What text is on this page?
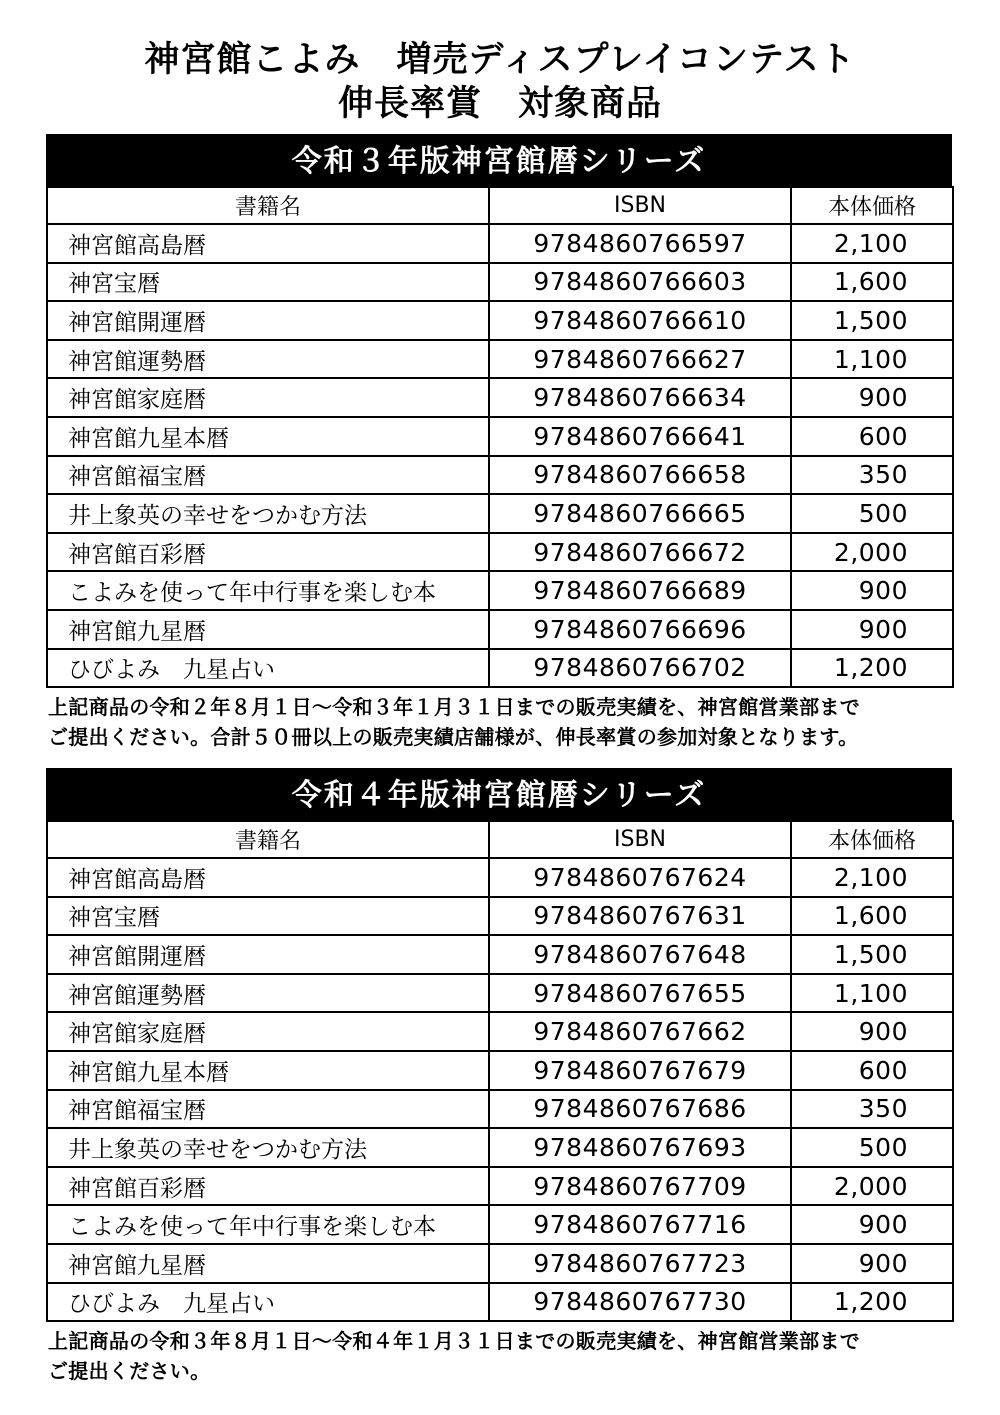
神宮館こよみ　増売ディスプレイコンテスト
伸長率賞　対象商品
令和３年版神宮館暦シリーズ
書籍名	ISBN	本体価格
神宮館高島暦	9784860766597	2,100
神宮宝暦	9784860766603	1,600
神宮館開運暦	9784860766610	1,500
神宮館運勢暦	9784860766627	1,100
神宮館家庭暦	9784860766634	900
神宮館九星本暦	9784860766641	600
神宮館福宝暦	9784860766658	350
井上象英の幸せをつかむ方法	9784860766665	500
神宮館百彩暦	9784860766672	2,000
こよみを使って年中行事を楽しむ本	9784860766689	900
神宮館九星暦	9784860766696	900
ひびよみ　九星占い	9784860766702	1,200
上記商品の令和２年８月１日～令和３年１月３１日までの販売実績を、神宮館営業部まで
ご提出ください。合計５０冊以上の販売実績店舗様が、伸長率賞の参加対象となります。
令和４年版神宮館暦シリーズ
書籍名	ISBN	本体価格
神宮館高島暦	9784860767624	2,100
神宮宝暦	9784860767631	1,600
神宮館開運暦	9784860767648	1,500
神宮館運勢暦	9784860767655	1,100
神宮館家庭暦	9784860767662	900
神宮館九星本暦	9784860767679	600
神宮館福宝暦	9784860767686	350
井上象英の幸せをつかむ方法	9784860767693	500
神宮館百彩暦	9784860767709	2,000
こよみを使って年中行事を楽しむ本	9784860767716	900
神宮館九星暦	9784860767723	900
ひびよみ　九星占い	9784860767730	1,200
上記商品の令和３年８月１日～令和４年１月３１日までの販売実績を、神宮館営業部まで
ご提出ください。
